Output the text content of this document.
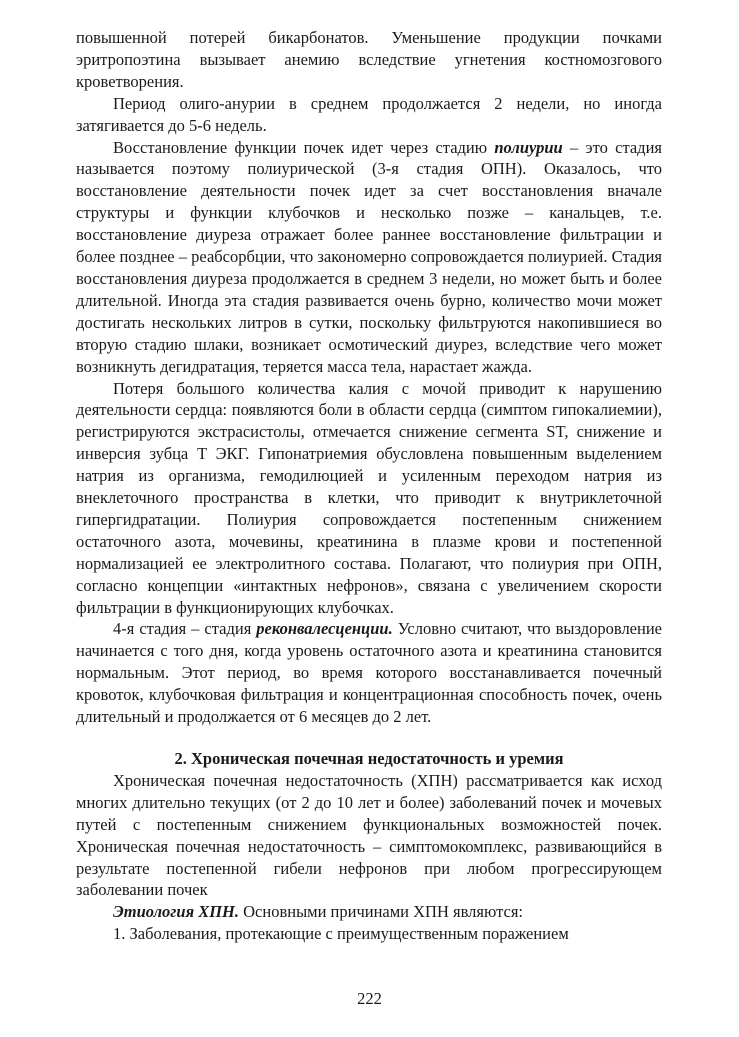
повышенной потерей бикарбонатов. Уменьшение продукции почками эритропоэтина вызывает анемию вследствие угнетения костномозгового кроветворения.

Период олиго-анурии в среднем продолжается 2 недели, но иногда затягивается до 5-6 недель.

Восстановление функции почек идет через стадию полиурии – это стадия называется поэтому полиурической (3-я стадия ОПН). Оказалось, что восстановление деятельности почек идет за счет восстановления вначале структуры и функции клубочков и несколько позже – канальцев, т.е. восстановление диуреза отражает более раннее восстановление фильтрации и более позднее – реабсорбции, что закономерно сопровождается полиурией. Стадия восстановления диуреза продолжается в среднем 3 недели, но может быть и более длительной. Иногда эта стадия развивается очень бурно, количество мочи может достигать нескольких литров в сутки, поскольку фильтруются накопившиеся во вторую стадию шлаки, возникает осмотический диурез, вследствие чего может возникнуть дегидратация, теряется масса тела, нарастает жажда.

Потеря большого количества калия с мочой приводит к нарушению деятельности сердца: появляются боли в области сердца (симптом гипокалиемии), регистрируются экстрасистолы, отмечается снижение сегмента ST, снижение и инверсия зубца T ЭКГ. Гипонатриемия обусловлена повышенным выделением натрия из организма, гемодилюцией и усиленным переходом натрия из внеклеточного пространства в клетки, что приводит к внутриклеточной гипергидратации. Полиурия сопровождается постепенным снижением остаточного азота, мочевины, креатинина в плазме крови и постепенной нормализацией ее электролитного состава. Полагают, что полиурия при ОПН, согласно концепции «интактных нефронов», связана с увеличением скорости фильтрации в функционирующих клубочках.

4-я стадия – стадия реконвалесценции. Условно считают, что выздоровление начинается с того дня, когда уровень остаточного азота и креатинина становится нормальным. Этот период, во время которого восстанавливается почечный кровоток, клубочковая фильтрация и концентрационная способность почек, очень длительный и продолжается от 6 месяцев до 2 лет.

2. Хроническая почечная недостаточность и уремия

Хроническая почечная недостаточность (ХПН) рассматривается как исход многих длительно текущих (от 2 до 10 лет и более) заболеваний почек и мочевых путей с постепенным снижением функциональных возможностей почек. Хроническая почечная недостаточность – симптомокомплекс, развивающийся в результате постепенной гибели нефронов при любом прогрессирующем заболевании почек

Этиология ХПН. Основными причинами ХПН являются:

1. Заболевания, протекающие с преимущественным поражением

222
